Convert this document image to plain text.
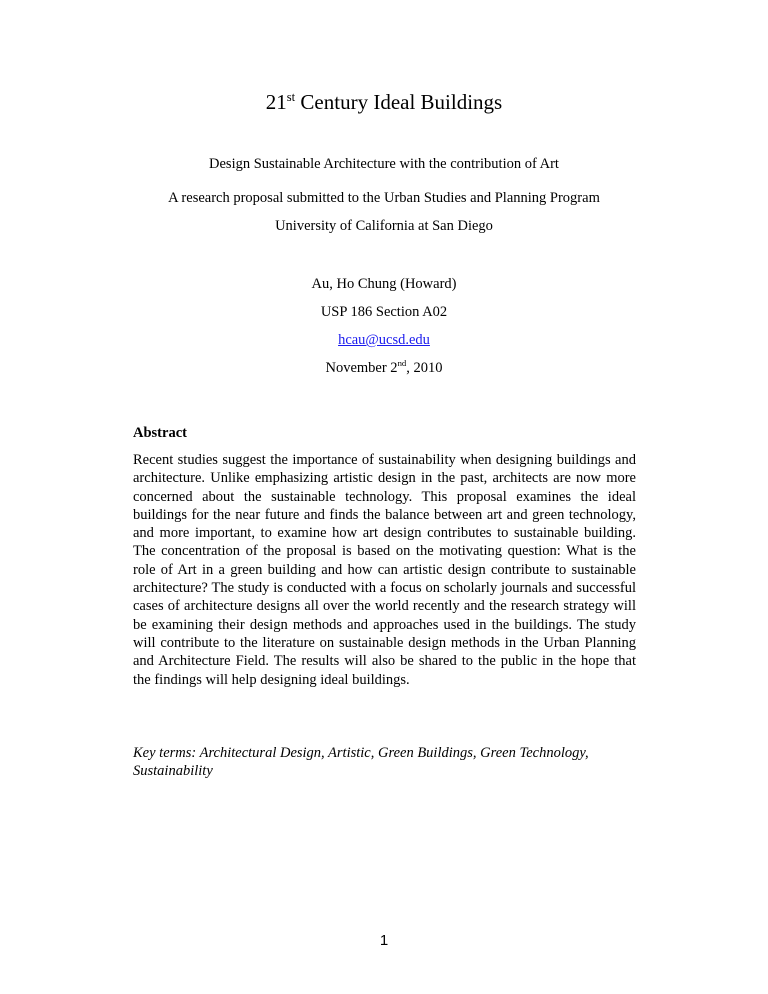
21st Century Ideal Buildings
Design Sustainable Architecture with the contribution of Art
A research proposal submitted to the Urban Studies and Planning Program
University of California at San Diego
Au, Ho Chung (Howard)
USP 186 Section A02
hcau@ucsd.edu
November 2nd, 2010
Abstract

Recent studies suggest the importance of sustainability when designing buildings and architecture. Unlike emphasizing artistic design in the past, architects are now more concerned about the sustainable technology. This proposal examines the ideal buildings for the near future and finds the balance between art and green technology, and more important, to examine how art design contributes to sustainable building. The concentration of the proposal is based on the motivating question: What is the role of Art in a green building and how can artistic design contribute to sustainable architecture? The study is conducted with a focus on scholarly journals and successful cases of architecture designs all over the world recently and the research strategy will be examining their design methods and approaches used in the buildings. The study will contribute to the literature on sustainable design methods in the Urban Planning and Architecture Field. The results will also be shared to the public in the hope that the findings will help designing ideal buildings.

Key terms: Architectural Design, Artistic, Green Buildings, Green Technology, Sustainability

1
